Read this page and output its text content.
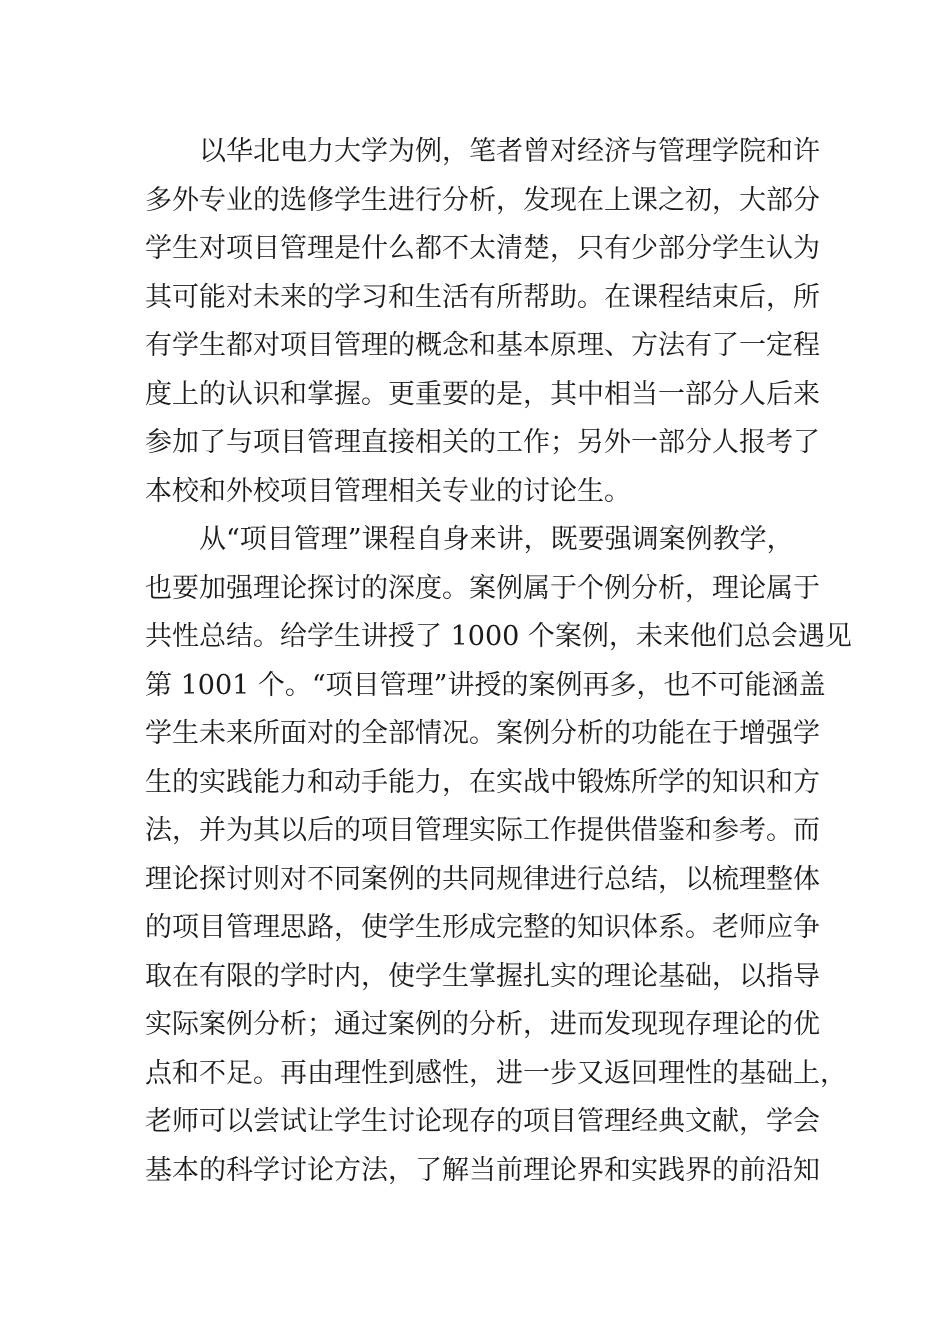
　　以华北电力大学为例，笔者曾对经济与管理学院和许
多外专业的选修学生进行分析，发现在上课之初，大部分
学生对项目管理是什么都不太清楚，只有少部分学生认为
其可能对未来的学习和生活有所帮助。在课程结束后，所
有学生都对项目管理的概念和基本原理、方法有了一定程
度上的认识和掌握。更重要的是，其中相当一部分人后来
参加了与项目管理直接相关的工作；另外一部分人报考了
本校和外校项目管理相关专业的讨论生。

　　从“项目管理”课程自身来讲，既要强调案例教学，
也要加强理论探讨的深度。案例属于个例分析，理论属于
共性总结。给学生讲授了 1000 个案例，未来他们总会遇见
第 1001 个。“项目管理”讲授的案例再多，也不可能涵盖
学生未来所面对的全部情况。案例分析的功能在于增强学
生的实践能力和动手能力，在实战中锻炼所学的知识和方
法，并为其以后的项目管理实际工作提供借鉴和参考。而
理论探讨则对不同案例的共同规律进行总结，以梳理整体
的项目管理思路，使学生形成完整的知识体系。老师应争
取在有限的学时内，使学生掌握扎实的理论基础，以指导
实际案例分析；通过案例的分析，进而发现现存理论的优
点和不足。再由理性到感性，进一步又返回理性的基础上，
老师可以尝试让学生讨论现存的项目管理经典文献，学会
基本的科学讨论方法，了解当前理论界和实践界的前沿知
